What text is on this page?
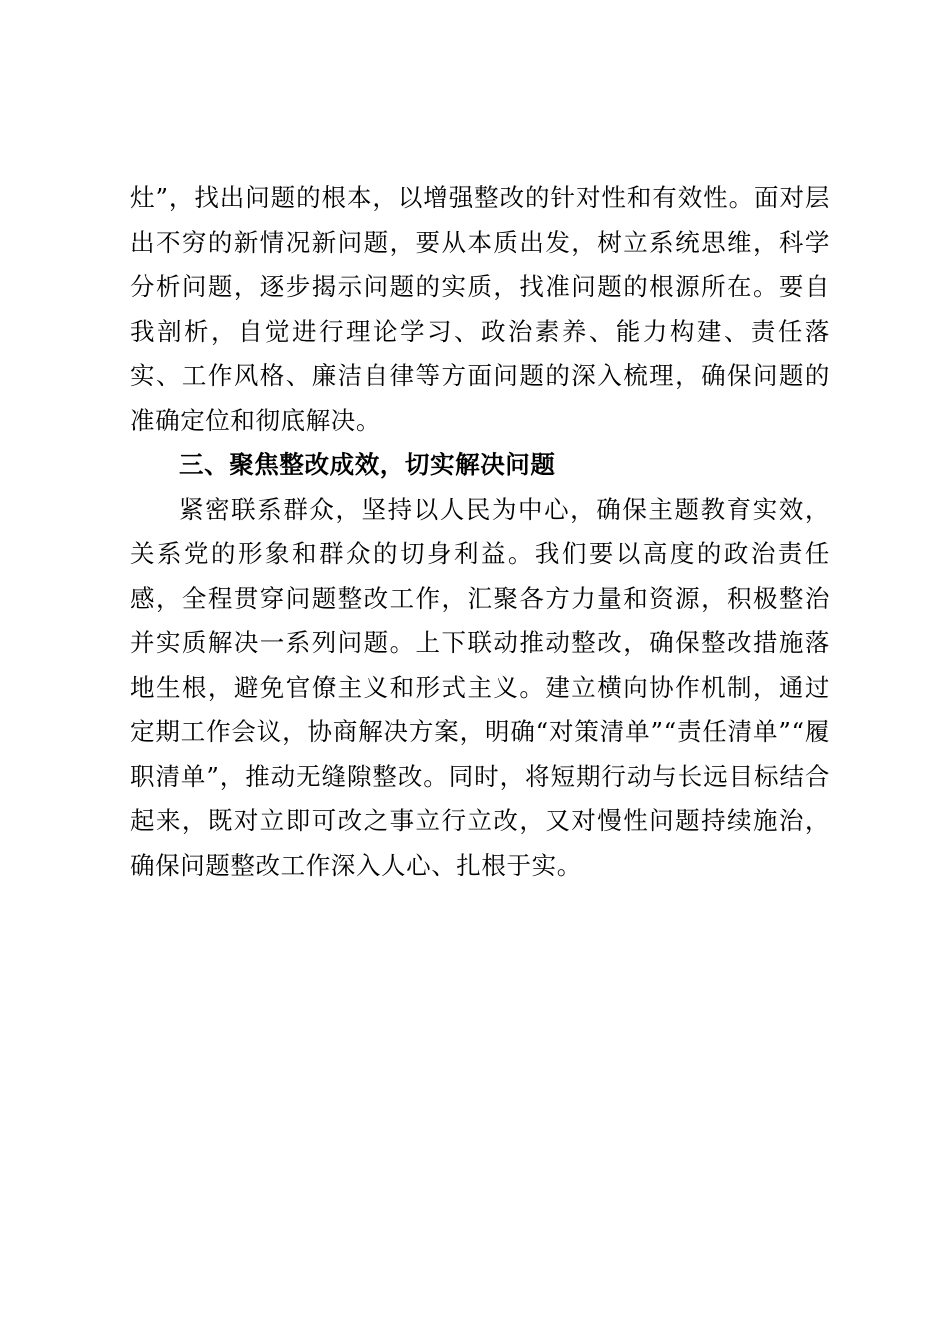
灶”，找出问题的根本，以增强整改的针对性和有效性。面对层出不穷的新情况新问题，要从本质出发，树立系统思维，科学分析问题，逐步揭示问题的实质，找准问题的根源所在。要自我剖析，自觉进行理论学习、政治素养、能力构建、责任落实、工作风格、廉洁自律等方面问题的深入梳理，确保问题的准确定位和彻底解决。

三、聚焦整改成效，切实解决问题

紧密联系群众，坚持以人民为中心，确保主题教育实效，关系党的形象和群众的切身利益。我们要以高度的政治责任感，全程贯穿问题整改工作，汇聚各方力量和资源，积极整治并实质解决一系列问题。上下联动推动整改，确保整改措施落地生根，避免官僚主义和形式主义。建立横向协作机制，通过定期工作会议，协商解决方案，明确“对策清单”“责任清单”“履职清单”，推动无缝隙整改。同时，将短期行动与长远目标结合起来，既对立即可改之事立行立改，又对慢性问题持续施治，确保问题整改工作深入人心、扎根于实。
